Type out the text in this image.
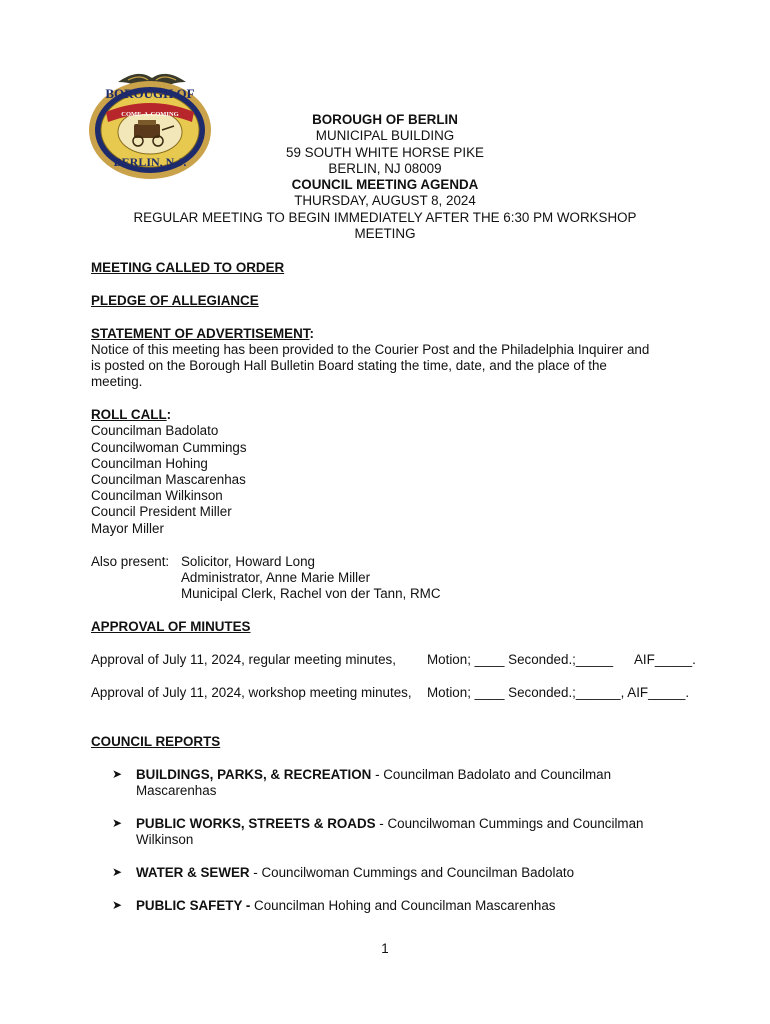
BOROUGH OF
COME-A-COMING
BERLIN, N.J.
BOROUGH OF BERLIN
MUNICIPAL BUILDING
59 SOUTH WHITE HORSE PIKE
BERLIN, NJ 08009
COUNCIL MEETING AGENDA
THURSDAY, AUGUST 8, 2024
REGULAR MEETING TO BEGIN IMMEDIATELY AFTER THE 6:30 PM WORKSHOP
MEETING
MEETING CALLED TO ORDER
PLEDGE OF ALLEGIANCE
STATEMENT OF ADVERTISEMENT:
Notice of this meeting has been provided to the Courier Post and the Philadelphia Inquirer and
is posted on the Borough Hall Bulletin Board stating the time, date, and the place of the
meeting.
ROLL CALL:
Councilman Badolato
Councilwoman Cummings
Councilman Hohing
Councilman Mascarenhas
Councilman Wilkinson
Council President Miller
Mayor Miller
Also present: Solicitor, Howard Long
Administrator, Anne Marie Miller
Municipal Clerk, Rachel von der Tann, RMC
APPROVAL OF MINUTES
Approval of July 11, 2024, regular meeting minutes, Motion; ____ Seconded.;_____ AIF_____.
Approval of July 11, 2024, workshop meeting minutes, Motion; ____ Seconded.;______, AIF_____.
COUNCIL REPORTS
➤ BUILDINGS, PARKS, & RECREATION - Councilman Badolato and Councilman
Mascarenhas
➤ PUBLIC WORKS, STREETS & ROADS - Councilwoman Cummings and Councilman
Wilkinson
➤ WATER & SEWER - Councilwoman Cummings and Councilman Badolato
➤ PUBLIC SAFETY - Councilman Hohing and Councilman Mascarenhas
1
